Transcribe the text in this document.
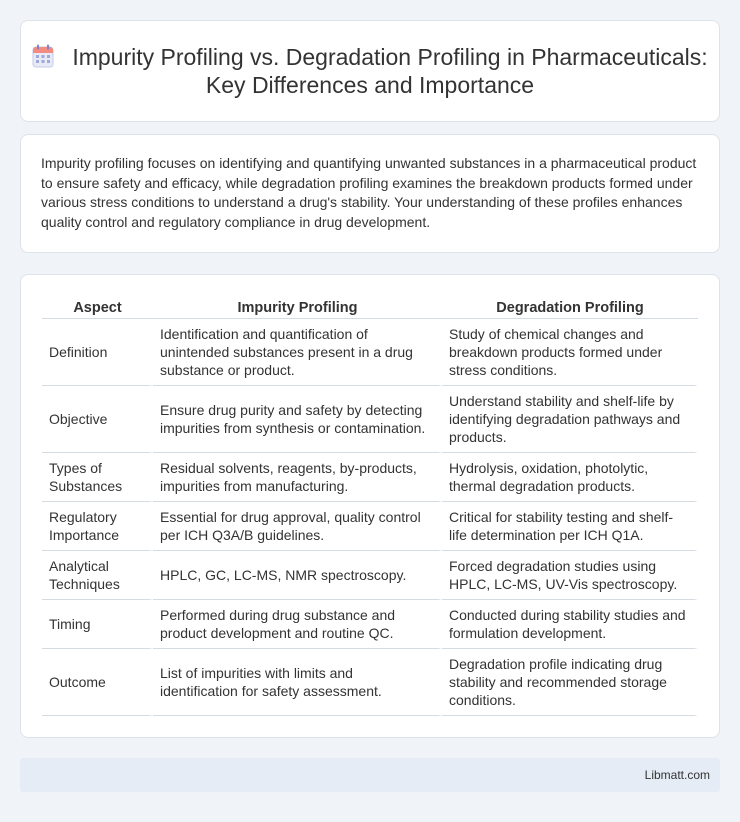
Impurity Profiling vs. Degradation Profiling in Pharmaceuticals: Key Differences and Importance

Impurity profiling focuses on identifying and quantifying unwanted substances in a pharmaceutical product to ensure safety and efficacy, while degradation profiling examines the breakdown products formed under various stress conditions to understand a drug's stability. Your understanding of these profiles enhances quality control and regulatory compliance in drug development.

Aspect	Impurity Profiling	Degradation Profiling
Definition	Identification and quantification of unintended substances present in a drug substance or product.	Study of chemical changes and breakdown products formed under stress conditions.
Objective	Ensure drug purity and safety by detecting impurities from synthesis or contamination.	Understand stability and shelf-life by identifying degradation pathways and products.
Types of Substances	Residual solvents, reagents, by-products, impurities from manufacturing.	Hydrolysis, oxidation, photolytic, thermal degradation products.
Regulatory Importance	Essential for drug approval, quality control per ICH Q3A/B guidelines.	Critical for stability testing and shelf-life determination per ICH Q1A.
Analytical Techniques	HPLC, GC, LC-MS, NMR spectroscopy.	Forced degradation studies using HPLC, LC-MS, UV-Vis spectroscopy.
Timing	Performed during drug substance and product development and routine QC.	Conducted during stability studies and formulation development.
Outcome	List of impurities with limits and identification for safety assessment.	Degradation profile indicating drug stability and recommended storage conditions.
Libmatt.com
